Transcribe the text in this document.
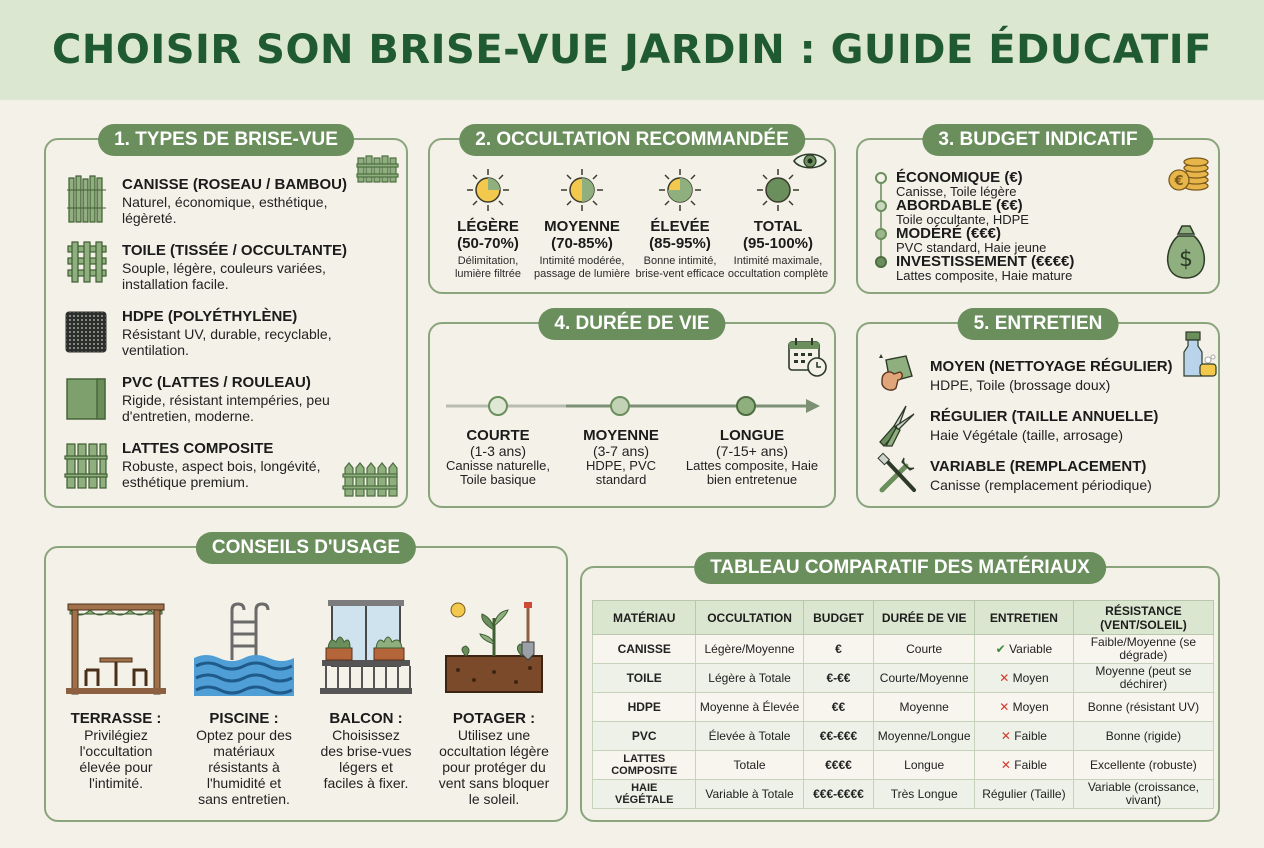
CHOISIR SON BRISE-VUE JARDIN : GUIDE ÉDUCATIF
1. TYPES DE BRISE-VUE
CANISSE (ROSEAU / BAMBOU)
Naturel, économique, esthétique, légèreté.
TOILE (TISSÉE / OCCULTANTE)
Souple, légère, couleurs variées, installation facile.
HDPE (POLYÉTHYLÈNE)
Résistant UV, durable, recyclable, ventilation.
PVC (LATTES / ROULEAU)
Rigide, résistant intempéries, peu d'entretien, moderne.
LATTES COMPOSITE
Robuste, aspect bois, longévité, esthétique premium.
2. OCCULTATION RECOMMANDÉE
LÉGÈRE
(50-70%)
Délimitation, lumière filtrée
MOYENNE
(70-85%)
Intimité modérée, passage de lumière
ÉLEVÉE
(85-95%)
Bonne intimité, brise-vent efficace
TOTAL
(95-100%)
Intimité maximale, occultation complète
3. BUDGET INDICATIF
ÉCONOMIQUE (€)
Canisse, Toile légère
ABORDABLE (€€)
Toile occultante, HDPE
MODÉRÉ (€€€)
PVC standard, Haie jeune
INVESTISSEMENT (€€€€)
Lattes composite, Haie mature
€
$
4. DURÉE DE VIE
COURTE
(1-3 ans)
Canisse naturelle, Toile basique
MOYENNE
(3-7 ans)
HDPE, PVC standard
LONGUE
(7-15+ ans)
Lattes composite, Haie bien entretenue
5. ENTRETIEN
MOYEN (NETTOYAGE RÉGULIER)
HDPE, Toile (brossage doux)
RÉGULIER (TAILLE ANNUELLE)
Haie Végétale (taille, arrosage)
VARIABLE (REMPLACEMENT)
Canisse (remplacement périodique)
CONSEILS D'USAGE
TERRASSE :
Privilégiez l'occultation élevée pour l'intimité.
PISCINE :
Optez pour des matériaux résistants à l'humidité et sans entretien.
BALCON :
Choisissez des brise-vues légers et faciles à fixer.
POTAGER :
Utilisez une occultation légère pour protéger du vent sans bloquer le soleil.
TABLEAU COMPARATIF DES MATÉRIAUX
MATÉRIAU	OCCULTATION	BUDGET	DURÉE DE VIE	ENTRETIEN	RÉSISTANCE (VENT/SOLEIL)
CANISSE	Légère/Moyenne	€	Courte	✔ Variable	Faible/Moyenne (se dégrade)
TOILE	Légère à Totale	€-€€	Courte/Moyenne	✕ Moyen	Moyenne (peut se déchirer)
HDPE	Moyenne à Élevée	€€	Moyenne	✕ Moyen	Bonne (résistant UV)
PVC	Élevée à Totale	€€-€€€	Moyenne/Longue	✕ Faible	Bonne (rigide)
LATTES COMPOSITE	Totale	€€€€	Longue	✕ Faible	Excellente (robuste)
HAIE VÉGÉTALE	Variable à Totale	€€€-€€€€	Très Longue	Régulier (Taille)	Variable (croissance, vivant)
